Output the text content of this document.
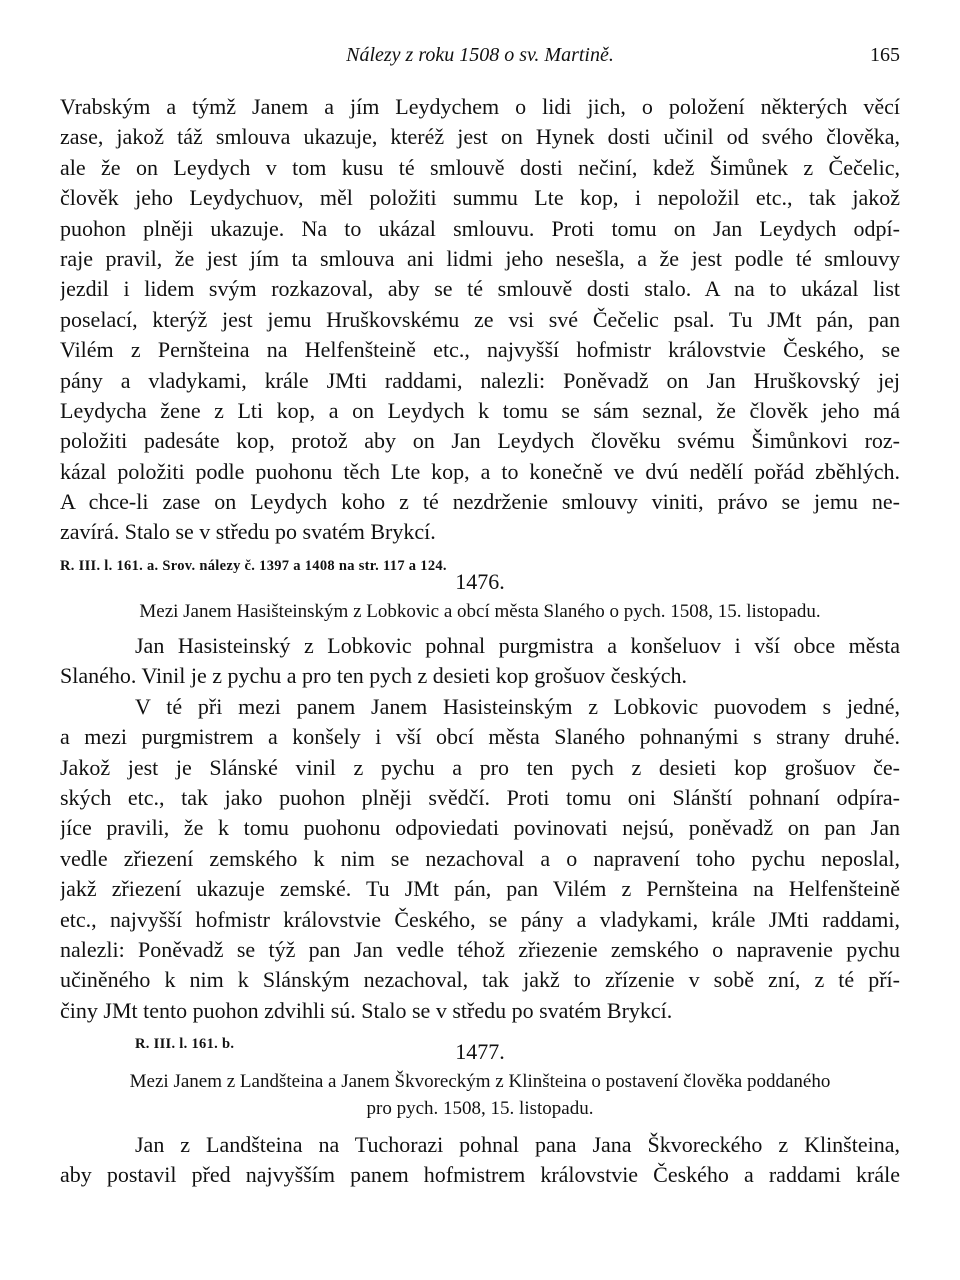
Nálezy z roku 1508 o sv. Martině.	165
Vrabským a týmž Janem a jím Leydychem o lidi jich, o položení některých věcí
zase, jakož táž smlouva ukazuje, kteréž jest on Hynek dosti učinil od svého člověka,
ale že on Leydych v tom kusu té smlouvě dosti nečiní, kdež Šimůnek z Čečelic,
člověk jeho Leydychuov, měl položiti summu Lte kop, i nepoložil etc., tak jakož
puohon plněji ukazuje. Na to ukázal smlouvu. Proti tomu on Jan Leydych odpí-
raje pravil, že jest jím ta smlouva ani lidmi jeho nesešla, a že jest podle té smlouvy
jezdil i lidem svým rozkazoval, aby se té smlouvě dosti stalo. A na to ukázal list
poselací, kterýž jest jemu Hruškovskému ze vsi své Čečelic psal. Tu JMt pán, pan
Vilém z Pernšteina na Helfenšteině etc., najvyšší hofmistr královstvie Českého, se
pány a vladykami, krále JMti raddami, nalezli: Poněvadž on Jan Hruškovský jej
Leydycha žene z Lti kop, a on Leydych k tomu se sám seznal, že člověk jeho má
položiti padesáte kop, protož aby on Jan Leydych člověku svému Šimůnkovi roz-
kázal položiti podle puohonu těch Lte kop, a to konečně ve dvú nedělí pořád zběhlých.
A chce-li zase on Leydych koho z té nezdrženie smlouvy viniti, právo se jemu ne-
zavírá. Stalo se v středu po svatém Brykcí.
R. III. l. 161. a. Srov. nálezy č. 1397 a 1408 na str. 117 a 124.
1476.
Mezi Janem Hasišteinským z Lobkovic a obcí města Slaného o pych. 1508, 15. listopadu.
Jan Hasisteinský z Lobkovic pohnal purgmistra a konšeluov i vší obce města
Slaného. Vinil je z pychu a pro ten pych z desieti kop grošuov českých.
V té při mezi panem Janem Hasisteinským z Lobkovic puovodem s jedné,
a mezi purgmistrem a konšely i vší obcí města Slaného pohnanými s strany druhé.
Jakož jest je Slánské vinil z pychu a pro ten pych z desieti kop grošuov če-
ských etc., tak jako puohon plněji svědčí. Proti tomu oni Slánští pohnaní odpíra-
jíce pravili, že k tomu puohonu odpoviedati povinovati nejsú, poněvadž on pan Jan
vedle zřiezení zemského k nim se nezachoval a o napravení toho pychu neposlal,
jakž zřiezení ukazuje zemské. Tu JMt pán, pan Vilém z Pernšteina na Helfenšteině
etc., najvyšší hofmistr královstvie Českého, se pány a vladykami, krále JMti raddami,
nalezli: Poněvadž se týž pan Jan vedle téhož zřiezenie zemského o napravenie pychu
učiněného k nim k Slánským nezachoval, tak jakž to zřízenie v sobě zní, z té pří-
činy JMt tento puohon zdvihli sú. Stalo se v středu po svatém Brykcí.
R. III. l. 161. b.	1477.
Mezi Janem z Landšteina a Janem Škvoreckým z Klinšteina o postavení člověka poddaného
pro pych. 1508, 15. listopadu.
Jan z Landšteina na Tuchorazi pohnal pana Jana Škvoreckého z Klinšteina,
aby postavil před najvyšším panem hofmistrem královstvie Českého a raddami krále
